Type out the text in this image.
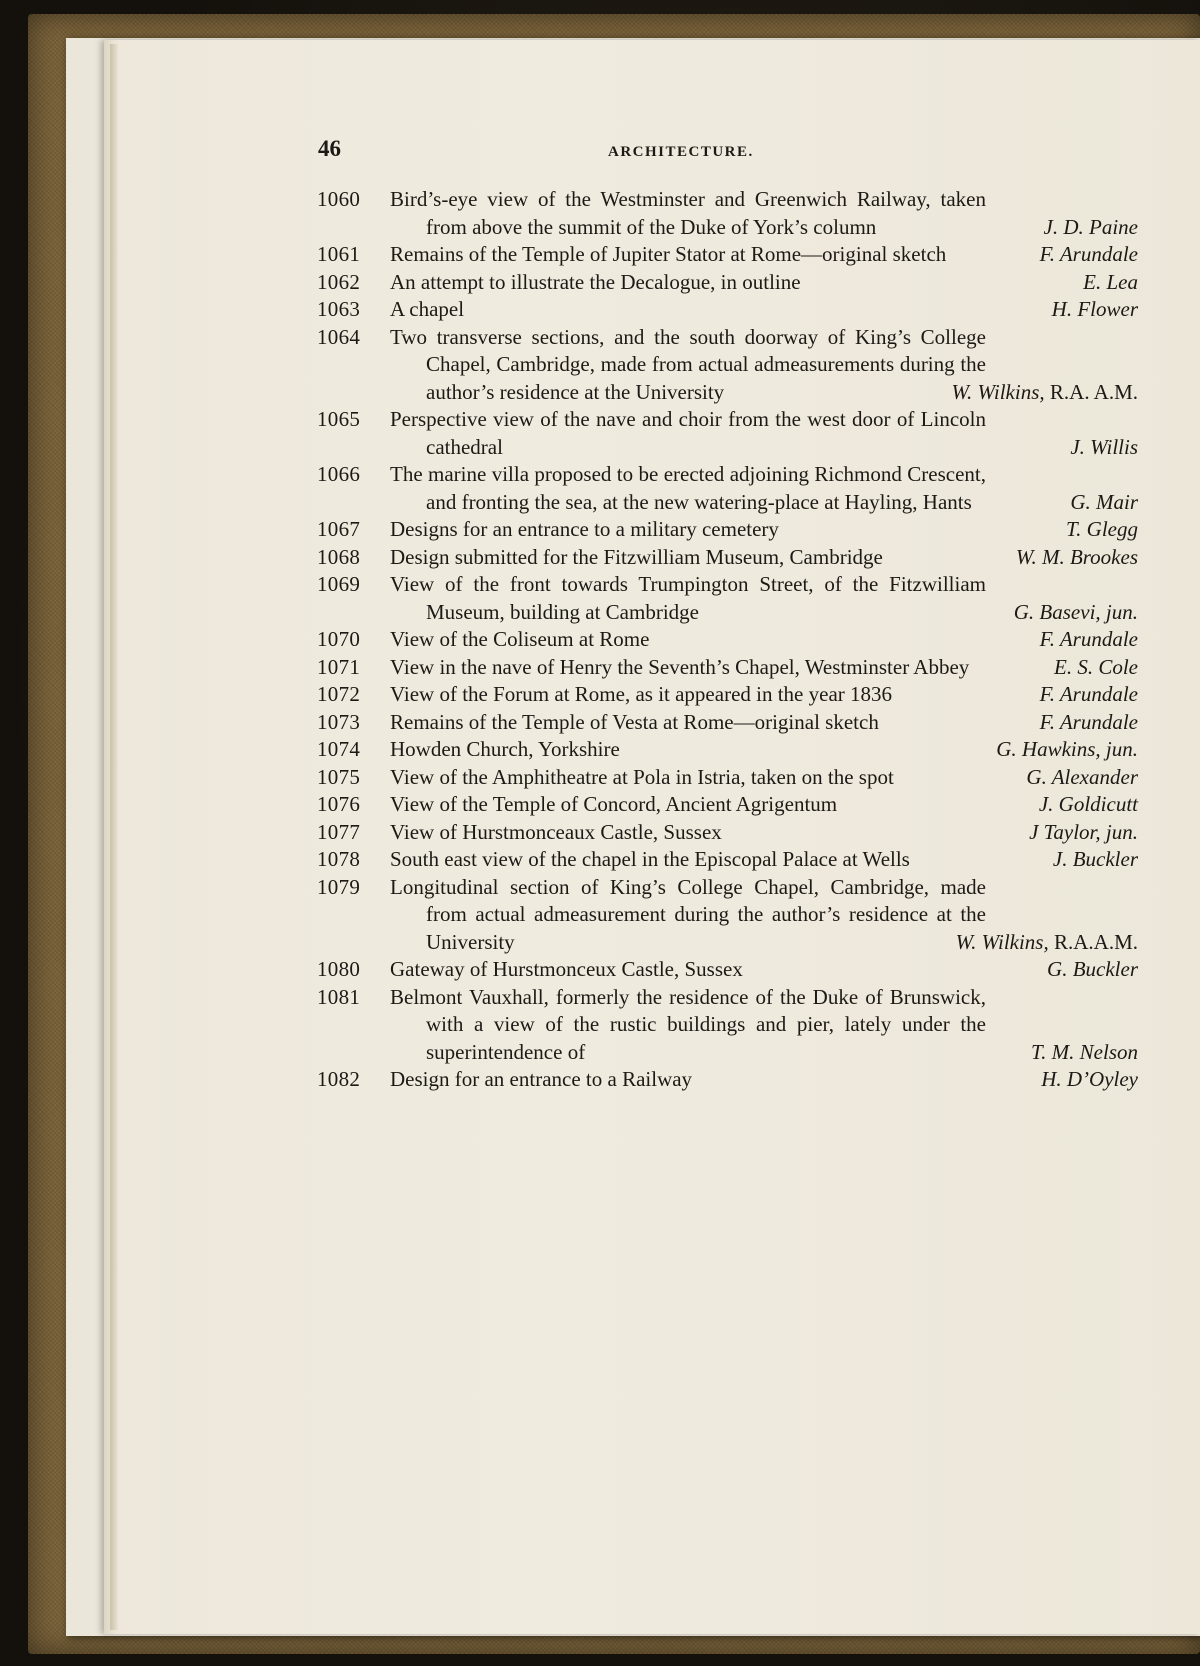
46	ARCHITECTURE.
1060 Bird’s-eye view of the Westminster and Greenwich Railway, taken from above the summit of the Duke of York’s column	J. D. Paine
1061 Remains of the Temple of Jupiter Stator at Rome—original sketch	F. Arundale
1062 An attempt to illustrate the Decalogue, in outline	E. Lea
1063 A chapel	H. Flower
1064 Two transverse sections, and the south doorway of King’s College Chapel, Cambridge, made from actual admeasurements during the author’s residence at the University	W. Wilkins, R.A. A.M.
1065 Perspective view of the nave and choir from the west door of Lincoln cathedral	J. Willis
1066 The marine villa proposed to be erected adjoining Richmond Crescent, and fronting the sea, at the new watering-place at Hayling, Hants	G. Mair
1067 Designs for an entrance to a military cemetery	T. Glegg
1068 Design submitted for the Fitzwilliam Museum, Cambridge	W. M. Brookes
1069 View of the front towards Trumpington Street, of the Fitzwilliam Museum, building at Cambridge	G. Basevi, jun.
1070 View of the Coliseum at Rome	F. Arundale
1071 View in the nave of Henry the Seventh’s Chapel, Westminster Abbey	E. S. Cole
1072 View of the Forum at Rome, as it appeared in the year 1836	F. Arundale
1073 Remains of the Temple of Vesta at Rome—original sketch	F. Arundale
1074 Howden Church, Yorkshire	G. Hawkins, jun.
1075 View of the Amphitheatre at Pola in Istria, taken on the spot	G. Alexander
1076 View of the Temple of Concord, Ancient Agrigentum	J. Goldicutt
1077 View of Hurstmonceaux Castle, Sussex	J Taylor, jun.
1078 South east view of the chapel in the Episcopal Palace at Wells	J. Buckler
1079 Longitudinal section of King’s College Chapel, Cambridge, made from actual admeasurement during the author’s residence at the University	W. Wilkins, R.A.A.M.
1080 Gateway of Hurstmonceux Castle, Sussex	G. Buckler
1081 Belmont Vauxhall, formerly the residence of the Duke of Brunswick, with a view of the rustic buildings and pier, lately under the superintendence of	T. M. Nelson
1082 Design for an entrance to a Railway	H. D’Oyley
